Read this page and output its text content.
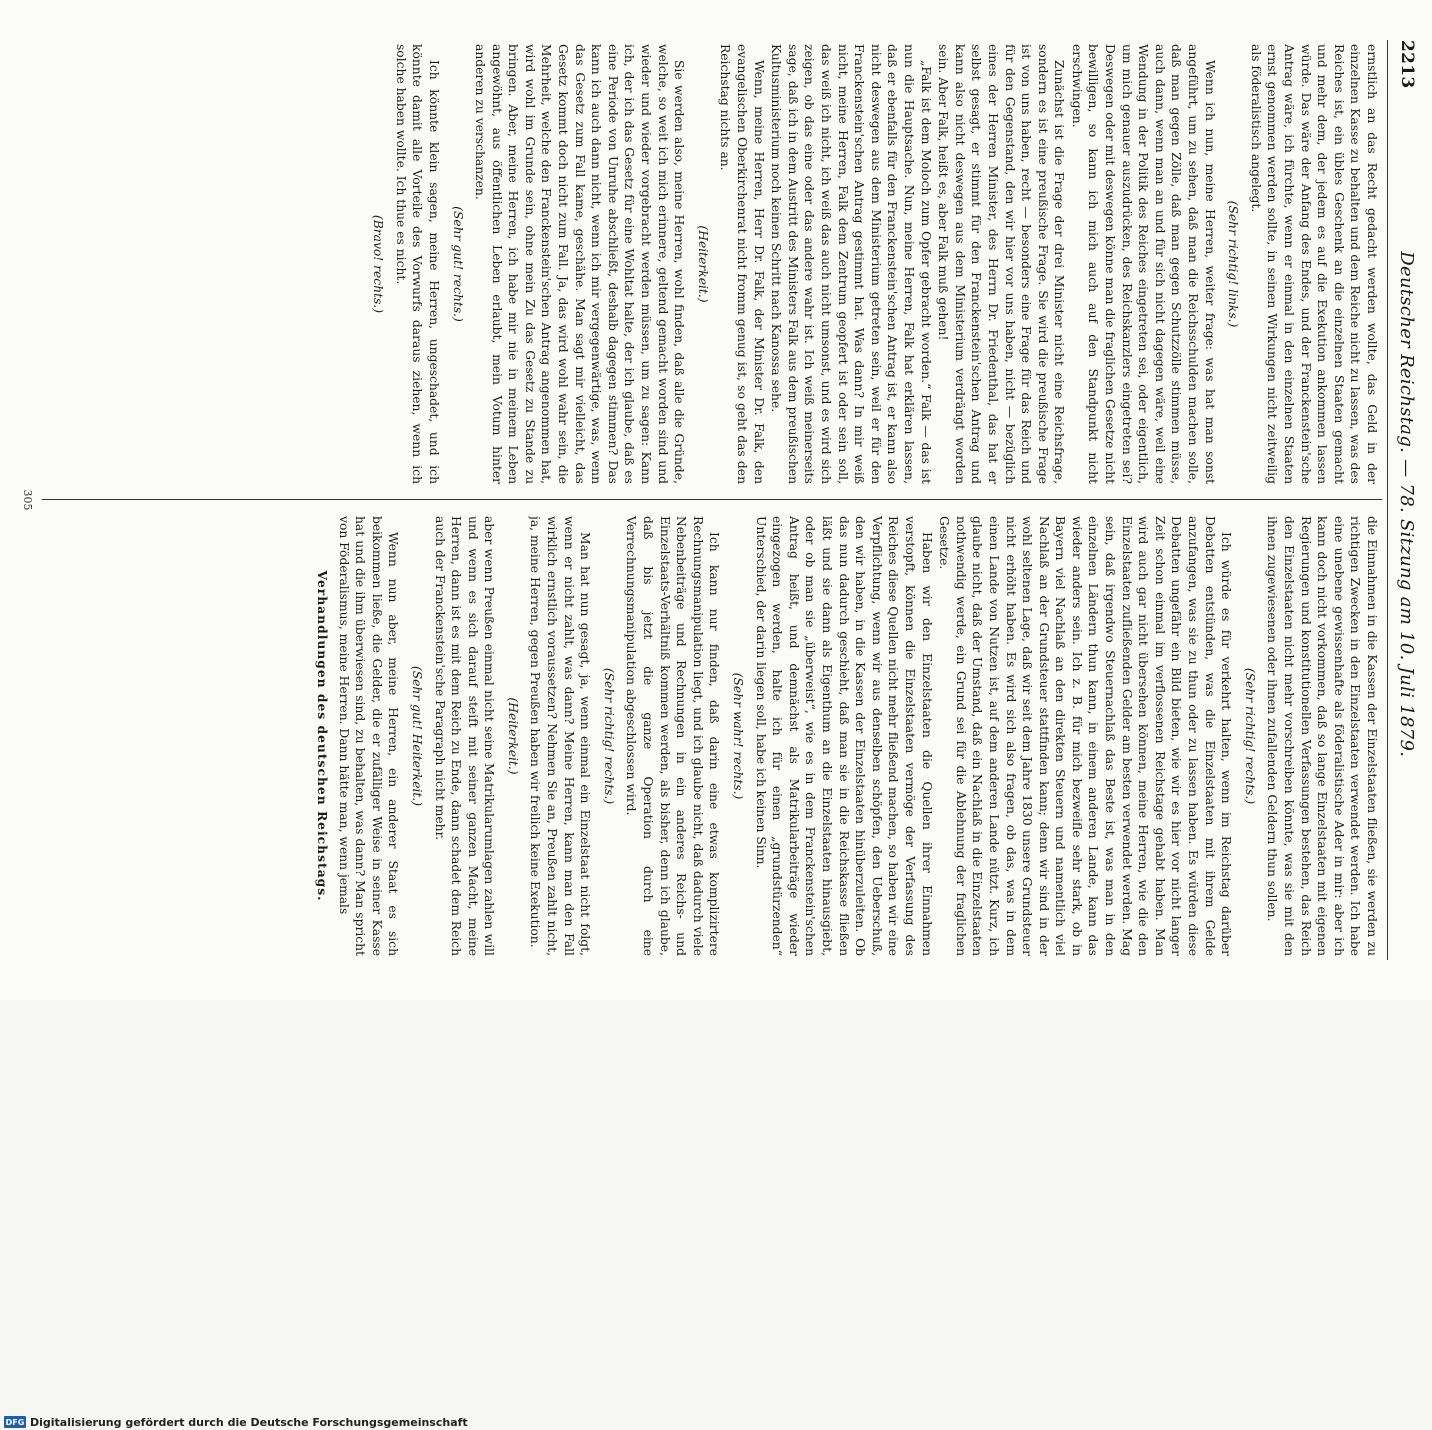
2213
Deutscher Reichstag. — 78. Sitzung am 10. Juli 1879.

ernstlich an das Recht gedacht werden wollte, das Geld in der einzelnen Kasse zu behalten und dem Reiche nicht zu lassen, was des Reiches ist, ein übles Geschenk an die einzelnen Staaten gemacht und mehr dem, der jedem es auf die Exekution ankommen lassen würde. Das wäre der Anfang des Endes, und der Franckenstein'sche Antrag wäre, ich fürchte, wenn er einmal in den einzelnen Staaten ernst genommen werden sollte, in seinen Wirkungen nicht zeitweilig als föderalistisch angelegt.

(Sehr richtig! links.)

Wenn ich nun, meine Herren, weiter frage: was hat man sonst angeführt, um zu sehen, daß man die Reichsschulden machen solle, daß man gegen Zölle, daß man gegen Schutzzölle stimmen müsse, auch dann, wenn man an und für sich nicht dagegen wäre, weil eine Wendung in der Politik des Reiches eingetreten sei, oder eigentlich, um mich genauer auszudrücken, des Reichskanzlers eingetreten sei? Deswegen oder mit deswegen könne man die fraglichen Gesetze nicht bewilligen, so kann ich mich auch auf den Standpunkt nicht erschwingen.

Zunächst ist die Frage der drei Minister nicht eine Reichsfrage, sondern es ist eine preußische Frage. Sie wird die preußische Frage ist von uns haben, recht — besonders eine Frage für das Reich und für den Gegenstand, den wir hier vor uns haben, nicht — bezüglich eines der Herren Minister, des Herrn Dr. Friedenthal, das hat er selbst gesagt, er stimmt für den Franckenstein'schen Antrag und kann also nicht deswegen aus dem Ministerium verdrängt worden sein. Aber Falk, heißt es, aber Falk muß gehen!

„Falk ist dem Moloch zum Opfer gebracht worden.“ Falk — das ist nun die Hauptsache. Nun, meine Herren, Falk hat erklären lassen, daß er ebenfalls für den Franckenstein'schen Antrag ist, er kann also nicht deswegen aus dem Ministerium getreten sein, weil er für den Franckenstein'schen Antrag gestimmt hat. Was dann? In mir weiß nicht, meine Herren, Falk dem Zentrum geopfert ist oder sein soll, das weiß ich nicht, ich weiß das auch nicht umsonst, und es wird sich zeigen, ob das eine oder das andere wahr ist. Ich weiß meinerseits sage, daß ich in dem Austritt des Ministers Falk aus dem preußischen Kultusministerium noch keinen Schritt nach Kanossa sehe.

Wenn, meine Herren, Herr Dr. Falk, der Minister Dr. Falk, den evangelischen Oberkirchenrat nicht fromm genug ist, so geht das den Reichstag nichts an.

(Heiterkeit.)

Sie werden also, meine Herren, wohl finden, daß alle die Gründe, welche, so weit ich mich erinnere, geltend gemacht worden sind und wieder und wieder vorgebracht werden müssen, um zu sagen: Kann ich, der ich das Gesetz für eine Wohltat halte, der ich glaube, daß es eine Periode von Unruhe abschließt, deshalb dagegen stimmen? Das kann ich auch dann nicht, wenn ich mir vergegenwärtige, was, wenn das Gesetz zum Fall kame, geschähe. Man sagt mir vielleicht, das Gesetz kommt doch nicht zum Fall. Ja, das wird wohl wahr sein, die Mehrheit, welche den Franckenstein'schen Antrag angenommen hat, wird wohl im Grunde sein, ohne mein Zu das Gesetz zu Stande zu bringen. Aber, meine Herren, ich habe mir nie in meinem Leben angewöhnt, aus öffentlichen Leben erlaubt, mein Votum hinter anderen zu verschanzen.

(Sehr gut! rechts.)

Ich könnte klein sagen, meine Herren, ungeschadet, und ich könnte damit alle Vorteile des Vorwurfs daraus ziehen, wenn ich solche haben wollte. Ich thue es nicht.

(Bravo! rechts.)

die Einnahmen in die Kassen der Einzelstaaten fließen, sie werden zu richtigen Zwecken in den Einzelstaaten verwendet werden. Ich habe eine unebene gewissenhafte als föderalistische Ader in mir: aber ich kann doch nicht vorkommen, daß so lange Einzelstaaten mit eigenen Regierungen und konstitutionellen Verfassungen bestehen, das Reich den Einzelstaaten nicht mehr vorschreiben könnte, was sie mit den ihnen zugewiesenen oder ihnen zufallenden Geldern thun sollen.

(Sehr richtig! rechts.)

Ich würde es für verkehrt halten, wenn im Reichstag darüber Debatten entstünden, was die Einzelstaaten mit ihrem Gelde anzufangen, was sie zu thun oder zu lassen haben. Es würden diese Debatten ungefähr ein Bild bieten, wie wir es hier vor nicht langer Zeit schon einmal im verflossenen Reichstage gehabt haben. Man wird auch gar nicht übersehen können, meine Herren, wie die den Einzelstaaten zufließenden Gelder am besten verwendet werden. Mag sein, daß irgendwo Steuernachlaß das Beste ist, was man in den einzelnen Ländern thun kann, in einem anderen Lande, kann das wieder anders sein. Ich z. B. für mich bezweifle sehr stark, ob in Bayern viel Nachlaß an den direkten Steuern und namentlich viel Nachlaß an der Grundsteuer stattfinden kann; denn wir sind in der wohl seltenen Lage, daß wir seit dem Jahre 1830 unsere Grundsteuer nicht erhöht haben. Es wird sich also fragen, ob das, was in dem einen Lande von Nutzen ist, auf dem anderen Lande nützt. Kurz, ich glaube nicht, daß der Umstand, daß ein Nachlaß in die Einzelstaaten nothwendig werde, ein Grund sei für die Ablehnung der fraglichen Gesetze.

Haben wir den Einzelstaaten die Quellen ihrer Einnahmen verstopft, können die Einzelstaaten vermöge der Verfassung des Reiches diese Quellen nicht mehr fließend machen, so haben wir eine Verpflichtung, wenn wir aus denselben schöpfen, den Ueberschuß, den wir haben, in die Kassen der Einzelstaaten hinüberzuleiten. Ob das nun dadurch geschieht, daß man sie in die Reichskasse fließen läßt und sie dann als Eigenthum an die Einzelstaaten hinausgiebt, oder ob man sie „überweist“, wie es in dem Franckenstein'schen Antrag heißt, und demnächst als Matrikularbeiträge wieder eingezogen werden, halte ich für einen „grundstürzenden“ Unterschied, der darin liegen soll, habe ich keinen Sinn.

(Sehr wahr! rechts.)

Ich kann nur finden, daß darin eine etwas komplizirtere Rechnungsmanipulation liegt, und ich glaube nicht, daß dadurch viele Nebenbeiträge und Rechnungen in ein anderes Reichs- und Einzelstaats-Verhältniß kommen werden, als bisher, denn ich glaube, daß bis jetzt die ganze Operation durch eine Verrechnungsmanipulation abgeschlossen wird.

(Sehr richtig! rechts.)

Man hat nun gesagt, ja, wenn einmal ein Einzelstaat nicht folgt, wenn er nicht zahlt, was dann? Meine Herren, kann man den Fall wirklich ernstlich voraussetzen? Nehmen Sie an, Preußen zahlt nicht, ja, meine Herren, gegen Preußen haben wir freilich keine Exekution.

(Heiterkeit.)

aber wenn Preußen einmal nicht seine Matrikularumlagen zahlen will und wenn es sich darauf steift mit seiner ganzen Macht, meine Herren, dann ist es mit dem Reich zu Ende, dann schadet dem Reich auch der Franckenstein'sche Paragraph nicht mehr.

(Sehr gut! Heiterkeit.)

Wenn nun aber, meine Herren, ein anderer Staat es sich beikommen ließe, die Gelder, die er zufälliger Weise in seiner Kasse hat und die ihm überwiesen sind, zu behalten, was dann? Man spricht von Föderalismus, meine Herren. Dann hätte man, wenn jemals

Verhandlungen des deutschen Reichstags.

305
DFG Digitalisierung gefördert durch die Deutsche Forschungsgemeinschaft
